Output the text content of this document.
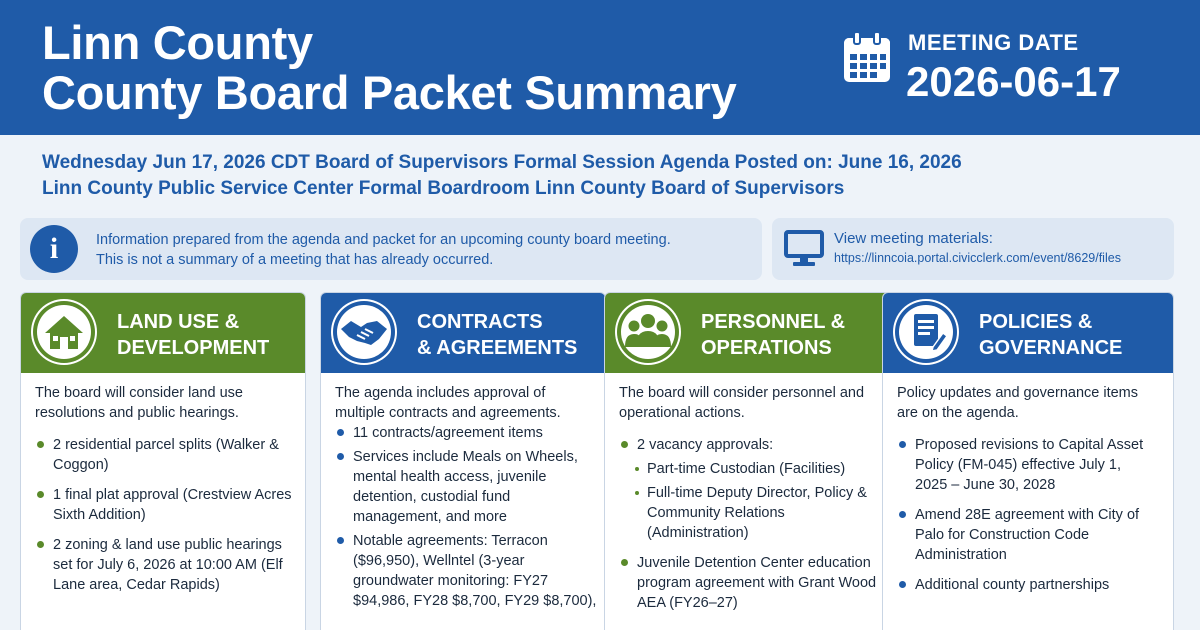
Linn County
County Board Packet Summary
MEETING DATE
2026-06-17
Wednesday Jun 17, 2026 CDT Board of Supervisors Formal Session Agenda Posted on: June 16, 2026
Linn County Public Service Center Formal Boardroom Linn County Board of Supervisors
i	Information prepared from the agenda and packet for an upcoming county board meeting.
This is not a summary of a meeting that has already occurred.
View meeting materials:
https://linncoia.portal.civicclerk.com/event/8629/files
LAND USE &
DEVELOPMENT
The board will consider land use resolutions and public hearings.
2 residential parcel splits (Walker & Coggon)
1 final plat approval (Crestview Acres Sixth Addition)
2 zoning & land use public hearings set for July 6, 2026 at 10:00 AM (Elf Lane area, Cedar Rapids)
CONTRACTS
& AGREEMENTS
The agenda includes approval of multiple contracts and agreements.
11 contracts/agreement items
Services include Meals on Wheels, mental health access, juvenile detention, custodial fund management, and more
Notable agreements: Terracon ($96,950), Wellntel (3-year groundwater monitoring: FY27 $94,986, FY28 $8,700, FY29 $8,700),
PERSONNEL &
OPERATIONS
The board will consider personnel and operational actions.
2 vacancy approvals:
Part-time Custodian (Facilities)
Full-time Deputy Director, Policy & Community Relations (Administration)
Juvenile Detention Center education program agreement with Grant Wood AEA (FY26–27)
POLICIES &
GOVERNANCE
Policy updates and governance items are on the agenda.
Proposed revisions to Capital Asset Policy (FM-045) effective July 1, 2025 – June 30, 2028
Amend 28E agreement with City of Palo for Construction Code Administration
Additional county partnerships
